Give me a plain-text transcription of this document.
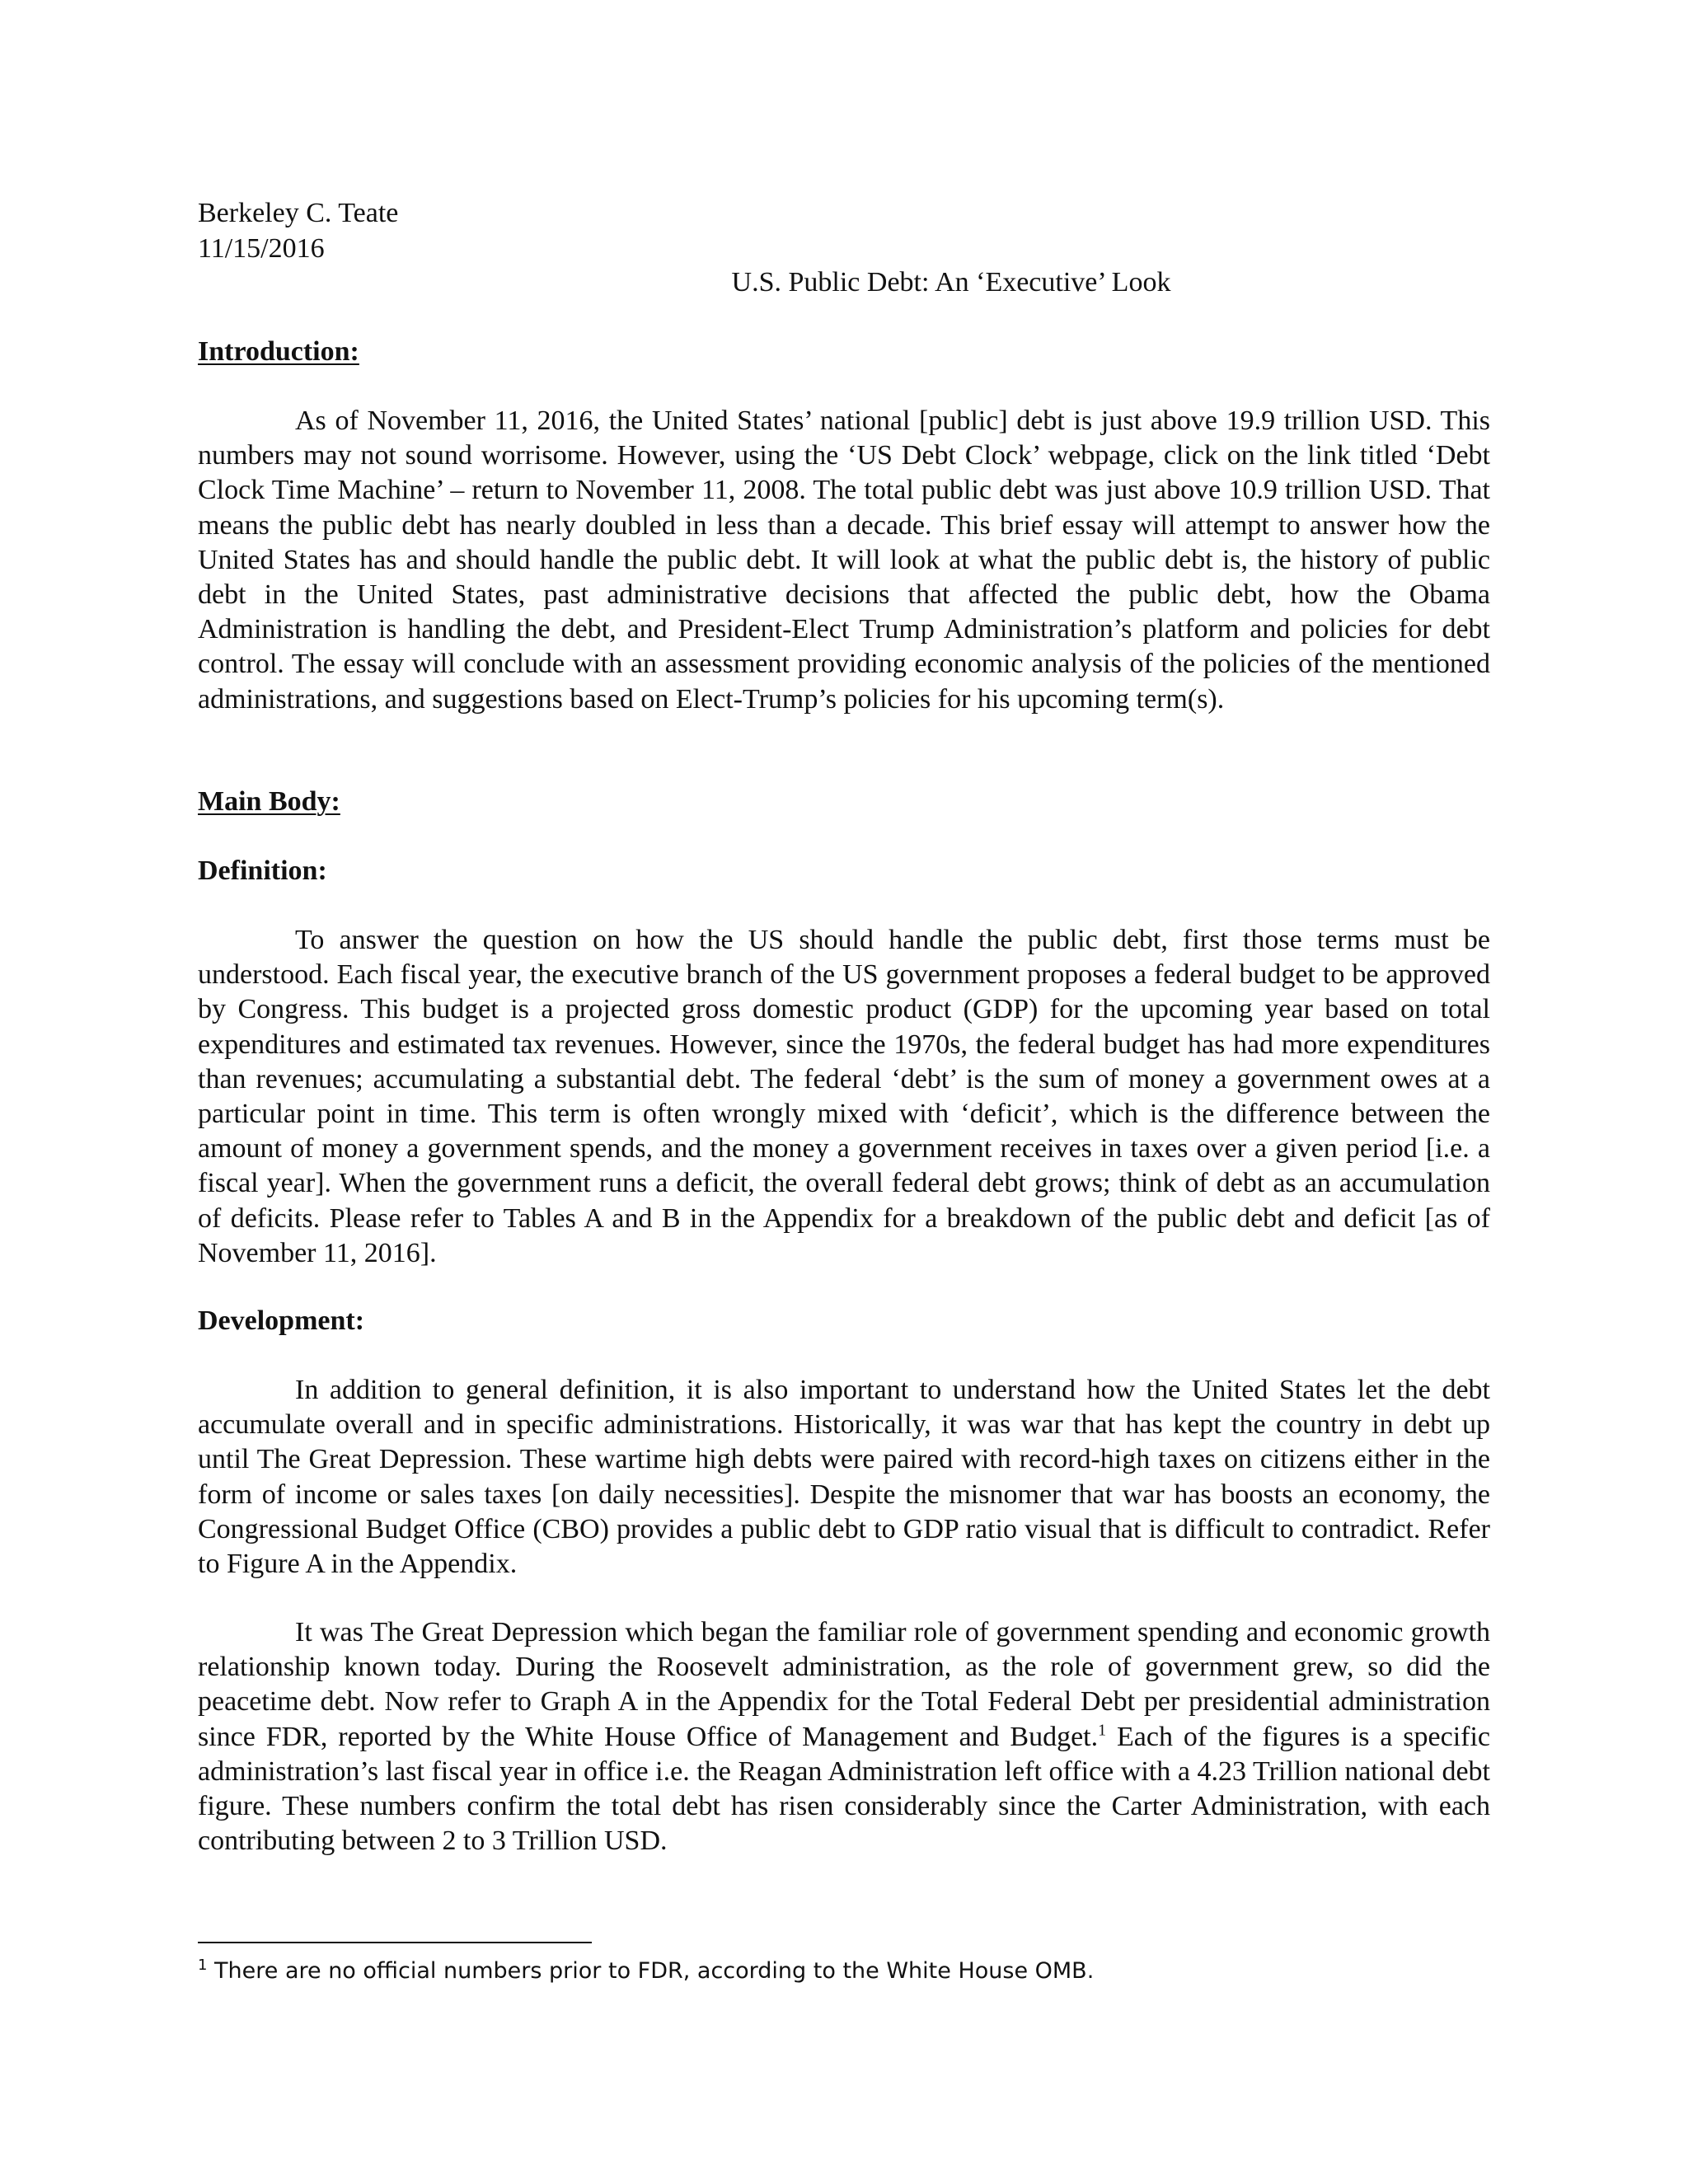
Berkeley C. Teate
11/15/2016
U.S. Public Debt: An ‘Executive’ Look
Introduction:
As of November 11, 2016, the United States’ national [public] debt is just above 19.9 trillion USD. This numbers may not sound worrisome. However, using the ‘US Debt Clock’ webpage, click on the link titled ‘Debt Clock Time Machine’ – return to November 11, 2008. The total public debt was just above 10.9 trillion USD. That means the public debt has nearly doubled in less than a decade. This brief essay will attempt to answer how the United States has and should handle the public debt. It will look at what the public debt is, the history of public debt in the United States, past administrative decisions that affected the public debt, how the Obama Administration is handling the debt, and President-Elect Trump Administration’s platform and policies for debt control. The essay will conclude with an assessment providing economic analysis of the policies of the mentioned administrations, and suggestions based on Elect-Trump’s policies for his upcoming term(s).
Main Body:
Definition:
To answer the question on how the US should handle the public debt, first those terms must be understood. Each fiscal year, the executive branch of the US government proposes a federal budget to be approved by Congress. This budget is a projected gross domestic product (GDP) for the upcoming year based on total expenditures and estimated tax revenues. However, since the 1970s, the federal budget has had more expenditures than revenues; accumulating a substantial debt. The federal ‘debt’ is the sum of money a government owes at a particular point in time. This term is often wrongly mixed with ‘deficit’, which is the difference between the amount of money a government spends, and the money a government receives in taxes over a given period [i.e. a fiscal year]. When the government runs a deficit, the overall federal debt grows; think of debt as an accumulation of deficits. Please refer to Tables A and B in the Appendix for a breakdown of the public debt and deficit [as of November 11, 2016].
Development:
In addition to general definition, it is also important to understand how the United States let the debt accumulate overall and in specific administrations. Historically, it was war that has kept the country in debt up until The Great Depression. These wartime high debts were paired with record-high taxes on citizens either in the form of income or sales taxes [on daily necessities]. Despite the misnomer that war has boosts an economy, the Congressional Budget Office (CBO) provides a public debt to GDP ratio visual that is difficult to contradict. Refer to Figure A in the Appendix.
It was The Great Depression which began the familiar role of government spending and economic growth relationship known today. During the Roosevelt administration, as the role of government grew, so did the peacetime debt. Now refer to Graph A in the Appendix for the Total Federal Debt per presidential administration since FDR, reported by the White House Office of Management and Budget.$^1$ Each of the figures is a specific administration’s last fiscal year in office i.e. the Reagan Administration left office with a 4.23 Trillion national debt figure. These numbers confirm the total debt has risen considerably since the Carter Administration, with each contributing between 2 to 3 Trillion USD.
$^1$ There are no official numbers prior to FDR, according to the White House OMB.
